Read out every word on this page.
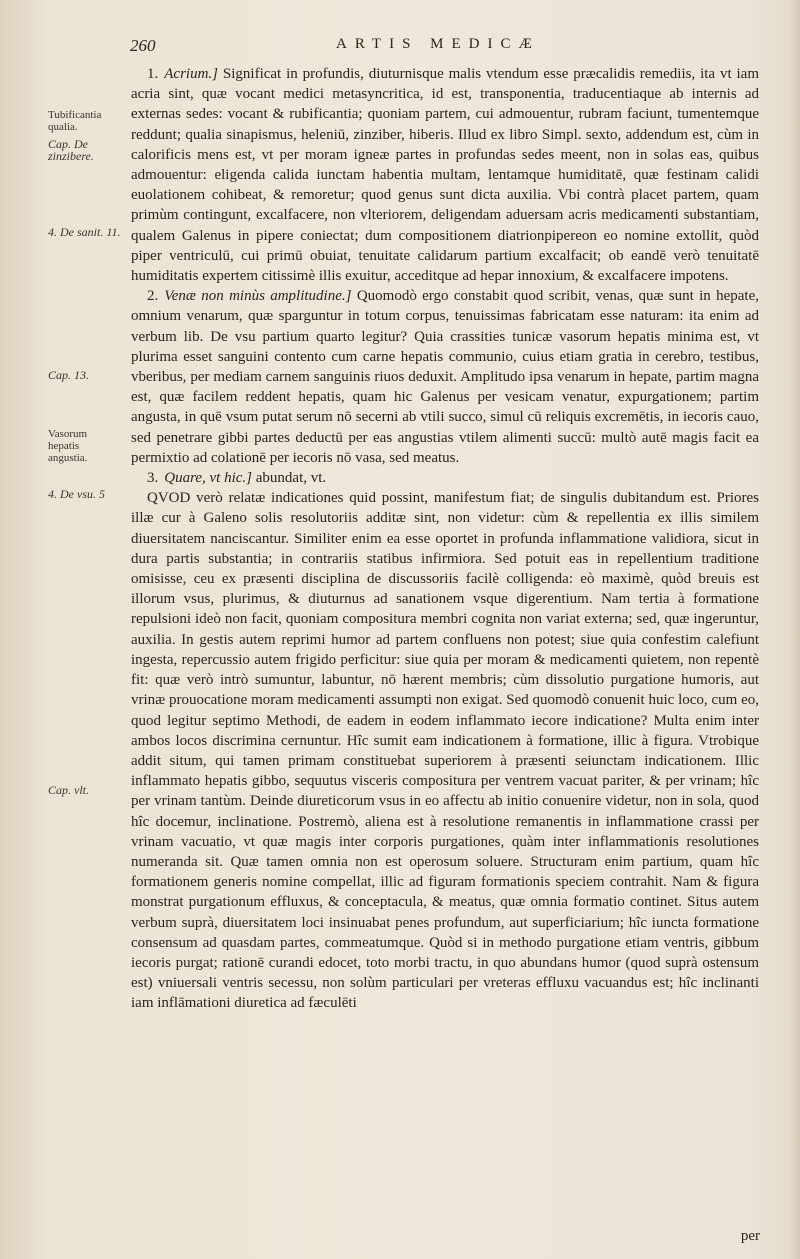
260	ARTIS MEDICÆ
Tubificantia qualia.
Cap. De zinzibere.
4. De sanit. 11.
Cap. 13.
Vasorum hepatis angustia.
4. De vsu. 5
Cap. vlt.

1. Acrium.] Significat in profundis, diuturnisque malis vtendum esse præcalidis remediis, ita vt iam acria sint, quæ vocant medici metasyncritica, id est, transponentia, traducentiaque ab internis ad externas sedes: vocant & rubificantia; quoniam partem, cui admouentur, rubram faciunt, tumentemque reddunt; qualia sinapismus, heleniū, zinziber, hiberis. Illud ex libro Simpl. sexto, addendum est, cùm in calorificis mens est, vt per moram igneæ partes in profundas sedes meent, non in solas eas, quibus admouentur: eligenda calida iunctam habentia multam, lentamque humiditatē, quæ festinam calidi euolationem cohibeat, & remoretur; quod genus sunt dicta auxilia. Vbi contrà placet partem, quam primùm contingunt, excalfacere, non vlteriorem, deligendam aduersam acris medicamenti substantiam, qualem Galenus in pipere coniectat; dum compositionem diatrionpipereon eo nomine extollit, quòd piper ventriculū, cui primū obuiat, tenuitate calidarum partium excalfacit; ob eandē verò tenuitatē humiditatis expertem citissimè illis exuitur, acceditque ad hepar innoxium, & excalfacere impotens.

2. Venæ non minùs amplitudine.] Quomodò ergo constabit quod scribit, venas, quæ sunt in hepate, omnium venarum, quæ sparguntur in totum corpus, tenuissimas fabricatam esse naturam: ita enim ad verbum lib. De vsu partium quarto legitur? Quia crassities tunicæ vasorum hepatis minima est, vt plurima esset sanguini contento cum carne hepatis communio, cuius etiam gratia in cerebro, testibus, vberibus, per mediam carnem sanguinis riuos deduxit. Amplitudo ipsa venarum in hepate, partim magna est, quæ facilem reddent hepatis, quam hic Galenus per vesicam venatur, expurgationem; partim angusta, in quē vsum putat serum nō secerni ab vtili succo, simul cū reliquis excremētis, in iecoris cauo, sed penetrare gibbi partes deductū per eas angustias vtilem alimenti succū: multò autē magis facit ea permixtio ad colationē per iecoris nō vasa, sed meatus.

3. Quare, vt hic.] abundat, vt.

QVOD verò relatæ indicationes quid possint, manifestum fiat; de singulis dubitandum est. Priores illæ cur à Galeno solis resolutoriis additæ sint, non videtur: cùm & repellentia ex illis similem diuersitatem nanciscantur. Similiter enim ea esse oportet in profunda inflammatione validiora, sicut in dura partis substantia; in contrariis statibus infirmiora. Sed potuit eas in repellentium traditione omisisse, ceu ex præsenti disciplina de discussoriis facilè colligenda: eò maximè, quòd breuis est illorum vsus, plurimus, & diuturnus ad sanationem vsque digerentium. Nam tertia à formatione repulsioni ideò non facit, quoniam compositura membri cognita non variat externa; sed, quæ ingeruntur, auxilia. In gestis autem reprimi humor ad partem confluens non potest; siue quia confestim calefiunt ingesta, repercussio autem frigido perficitur: siue quia per moram & medicamenti quietem, non repentè fit: quæ verò intrò sumuntur, labuntur, nō hærent membris; cùm dissolutio purgatione humoris, aut vrinæ prouocatione moram medicamenti assumpti non exigat. Sed quomodò conuenit huic loco, cum eo, quod legitur septimo Methodi, de eadem in eodem inflammato iecore indicatione? Multa enim inter ambos locos discrimina cernuntur. Hîc sumit eam indicationem à formatione, illic à figura. Vtrobique addit situm, qui tamen primam constituebat superiorem à præsenti seiunctam indicationem. Illic inflammato hepatis gibbo, sequutus visceris compositura per ventrem vacuat pariter, & per vrinam; hîc per vrinam tantùm. Deinde diureticorum vsus in eo affectu ab initio conuenire videtur, non in sola, quod hîc docemur, inclinatione. Postremò, aliena est à resolutione remanentis in inflammatione crassi per vrinam vacuatio, vt quæ magis inter corporis purgationes, quàm inter inflammationis resolutiones numeranda sit. Quæ tamen omnia non est operosum soluere. Structuram enim partium, quam hîc formationem generis nomine compellat, illic ad figuram formationis speciem contrahit. Nam & figura monstrat purgationum effluxus, & conceptacula, & meatus, quæ omnia formatio continet. Situs autem verbum suprà, diuersitatem loci insinuabat penes profundum, aut superficiarium; hîc iuncta formatione consensum ad quasdam partes, commeatumque. Quòd si in methodo purgatione etiam ventris, gibbum iecoris purgat; rationē curandi edocet, toto morbi tractu, in quo abundans humor (quod suprà ostensum est) vniuersali ventris secessu, non solùm particulari per vreteras effluxu vacuandus est; hîc inclinanti iam inflāmationi diuretica ad fæculēti

per
